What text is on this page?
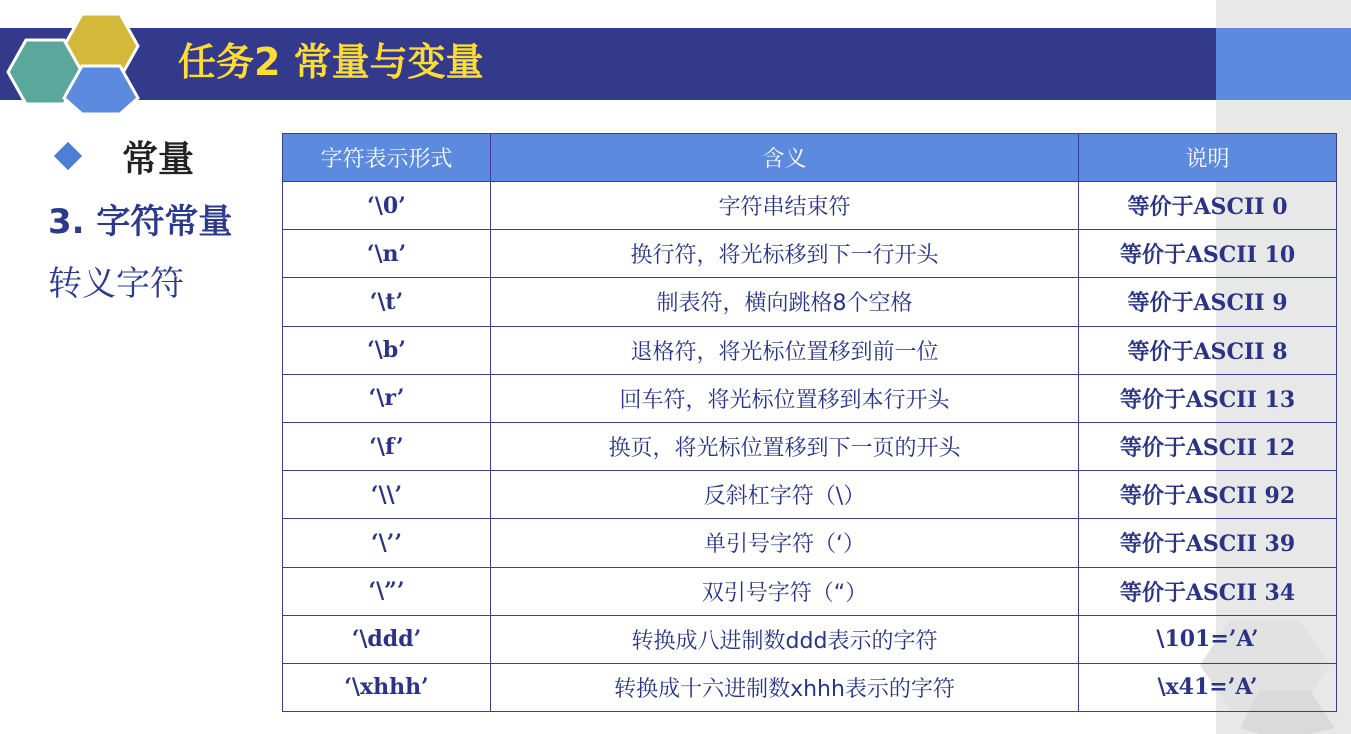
任务2 常量与变量
常量
3. 字符常量
转义字符
字符表示形式	含义	说明
‘\0’	字符串结束符	等价于ASCII 0
‘\n’	换行符，将光标移到下一行开头	等价于ASCII 10
‘\t’	制表符，横向跳格8个空格	等价于ASCII 9
‘\b’	退格符，将光标位置移到前一位	等价于ASCII 8
‘\r’	回车符，将光标位置移到本行开头	等价于ASCII 13
‘\f’	换页，将光标位置移到下一页的开头	等价于ASCII 12
‘\\’	反斜杠字符（\）	等价于ASCII 92
‘\’’	单引号字符（‘）	等价于ASCII 39
‘\”’	双引号字符（“）	等价于ASCII 34
‘\ddd’	转换成八进制数ddd表示的字符	\101=’A’
‘\xhhh’	转换成十六进制数xhhh表示的字符	\x41=’A’
